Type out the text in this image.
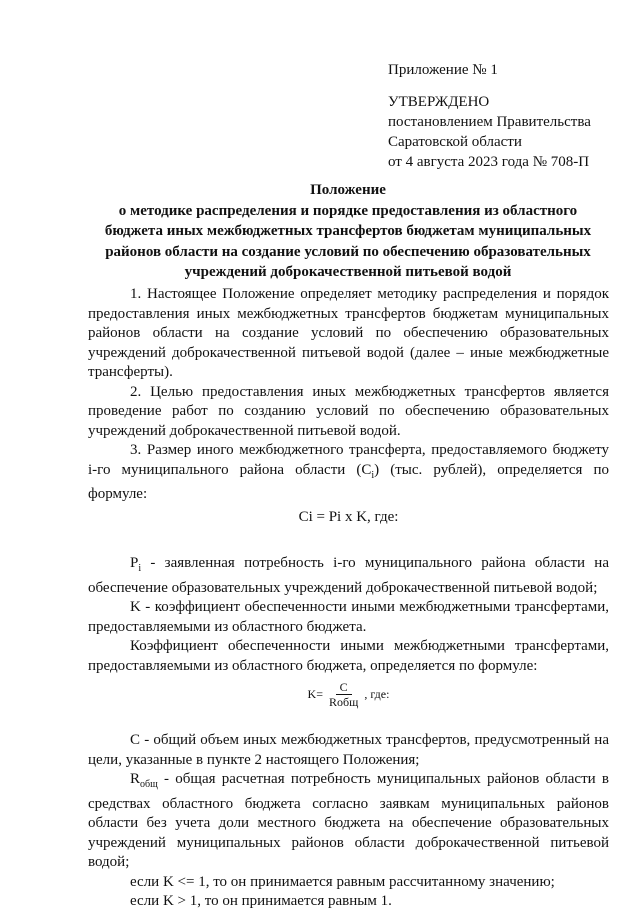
Приложение № 1
УТВЕРЖДЕНО
постановлением Правительства
Саратовской области
от 4 августа 2023 года № 708-П
Положение
о методике распределения и порядке предоставления из областного
бюджета иных межбюджетных трансфертов бюджетам муниципальных
районов области на создание условий по обеспечению образовательных
учреждений доброкачественной питьевой водой

1. Настоящее Положение определяет методику распределения и порядок предоставления иных межбюджетных трансфертов бюджетам муниципальных районов области на создание условий по обеспечению образовательных учреждений доброкачественной питьевой водой (далее – иные межбюджетные трансферты).

2. Целью предоставления иных межбюджетных трансфертов является проведение работ по созданию условий по обеспечению образовательных учреждений доброкачественной питьевой водой.

3. Размер иного межбюджетного трансферта, предоставляемого бюджету i-го муниципального района области $(C_i)$ (тыс. рублей), определяется по формуле:

Ci = Pi x K, где:

$P_i$ - заявленная потребность i-го муниципального района области на обеспечение образовательных учреждений доброкачественной питьевой водой;

K - коэффициент обеспеченности иными межбюджетными трансфертами, предоставляемыми из областного бюджета.

Коэффициент обеспеченности иными межбюджетными трансфертами, предоставляемыми из областного бюджета, определяется по формуле:

$K= \frac{C}{\text{Rобщ}}$ , где:

C - общий объем иных межбюджетных трансфертов, предусмотренный на цели, указанные в пункте 2 настоящего Положения;

$R_{общ}$ - общая расчетная потребность муниципальных районов области в средствах областного бюджета согласно заявкам муниципальных районов области без учета доли местного бюджета на обеспечение образовательных учреждений муниципальных районов области доброкачественной питьевой водой;

если K <= 1, то он принимается равным рассчитанному значению;

если K > 1, то он принимается равным 1.
